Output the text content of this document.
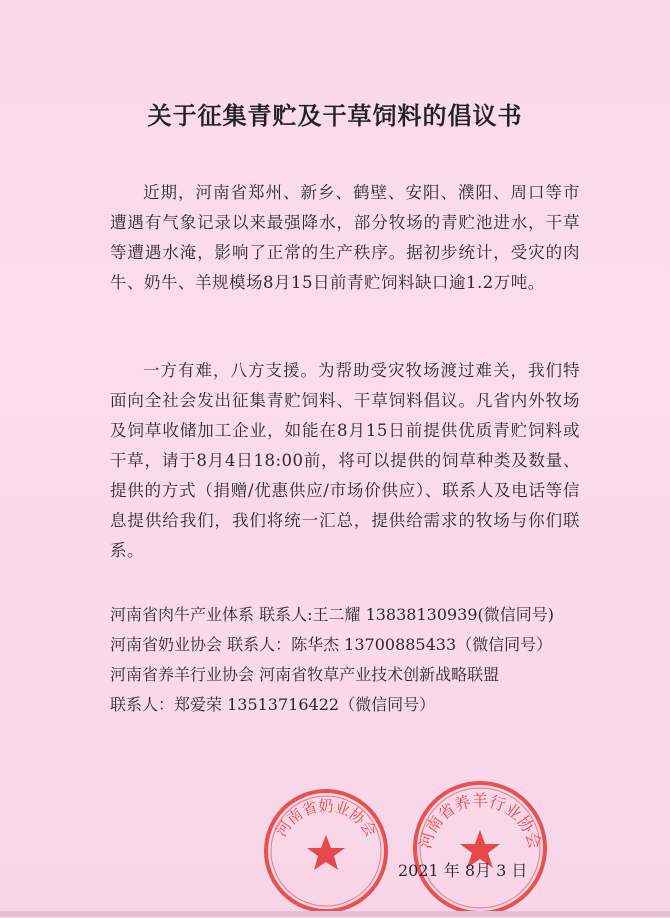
关于征集青贮及干草饲料的倡议书
近期，河南省郑州、新乡、鹤壁、安阳、濮阳、周口等市遭遇有气象记录以来最强降水，部分牧场的青贮池进水，干草等遭遇水淹，影响了正常的生产秩序。据初步统计，受灾的肉牛、奶牛、羊规模场8月15日前青贮饲料缺口逾1.2万吨。
一方有难，八方支援。为帮助受灾牧场渡过难关，我们特面向全社会发出征集青贮饲料、干草饲料倡议。凡省内外牧场及饲草收储加工企业，如能在8月15日前提供优质青贮饲料或干草，请于8月4日18:00前，将可以提供的饲草种类及数量、提供的方式（捐赠/优惠供应/市场价供应）、联系人及电话等信息提供给我们，我们将统一汇总，提供给需求的牧场与你们联系。
河南省肉牛产业体系 联系人:王二耀 13838130939(微信同号)
河南省奶业协会 联系人：陈华杰 13700885433（微信同号）
河南省养羊行业协会 河南省牧草产业技术创新战略联盟
联系人：郑爱荣 13513716422（微信同号）
河南省奶业协会
河南省养羊行业协会
2021 年 8月 3 日
